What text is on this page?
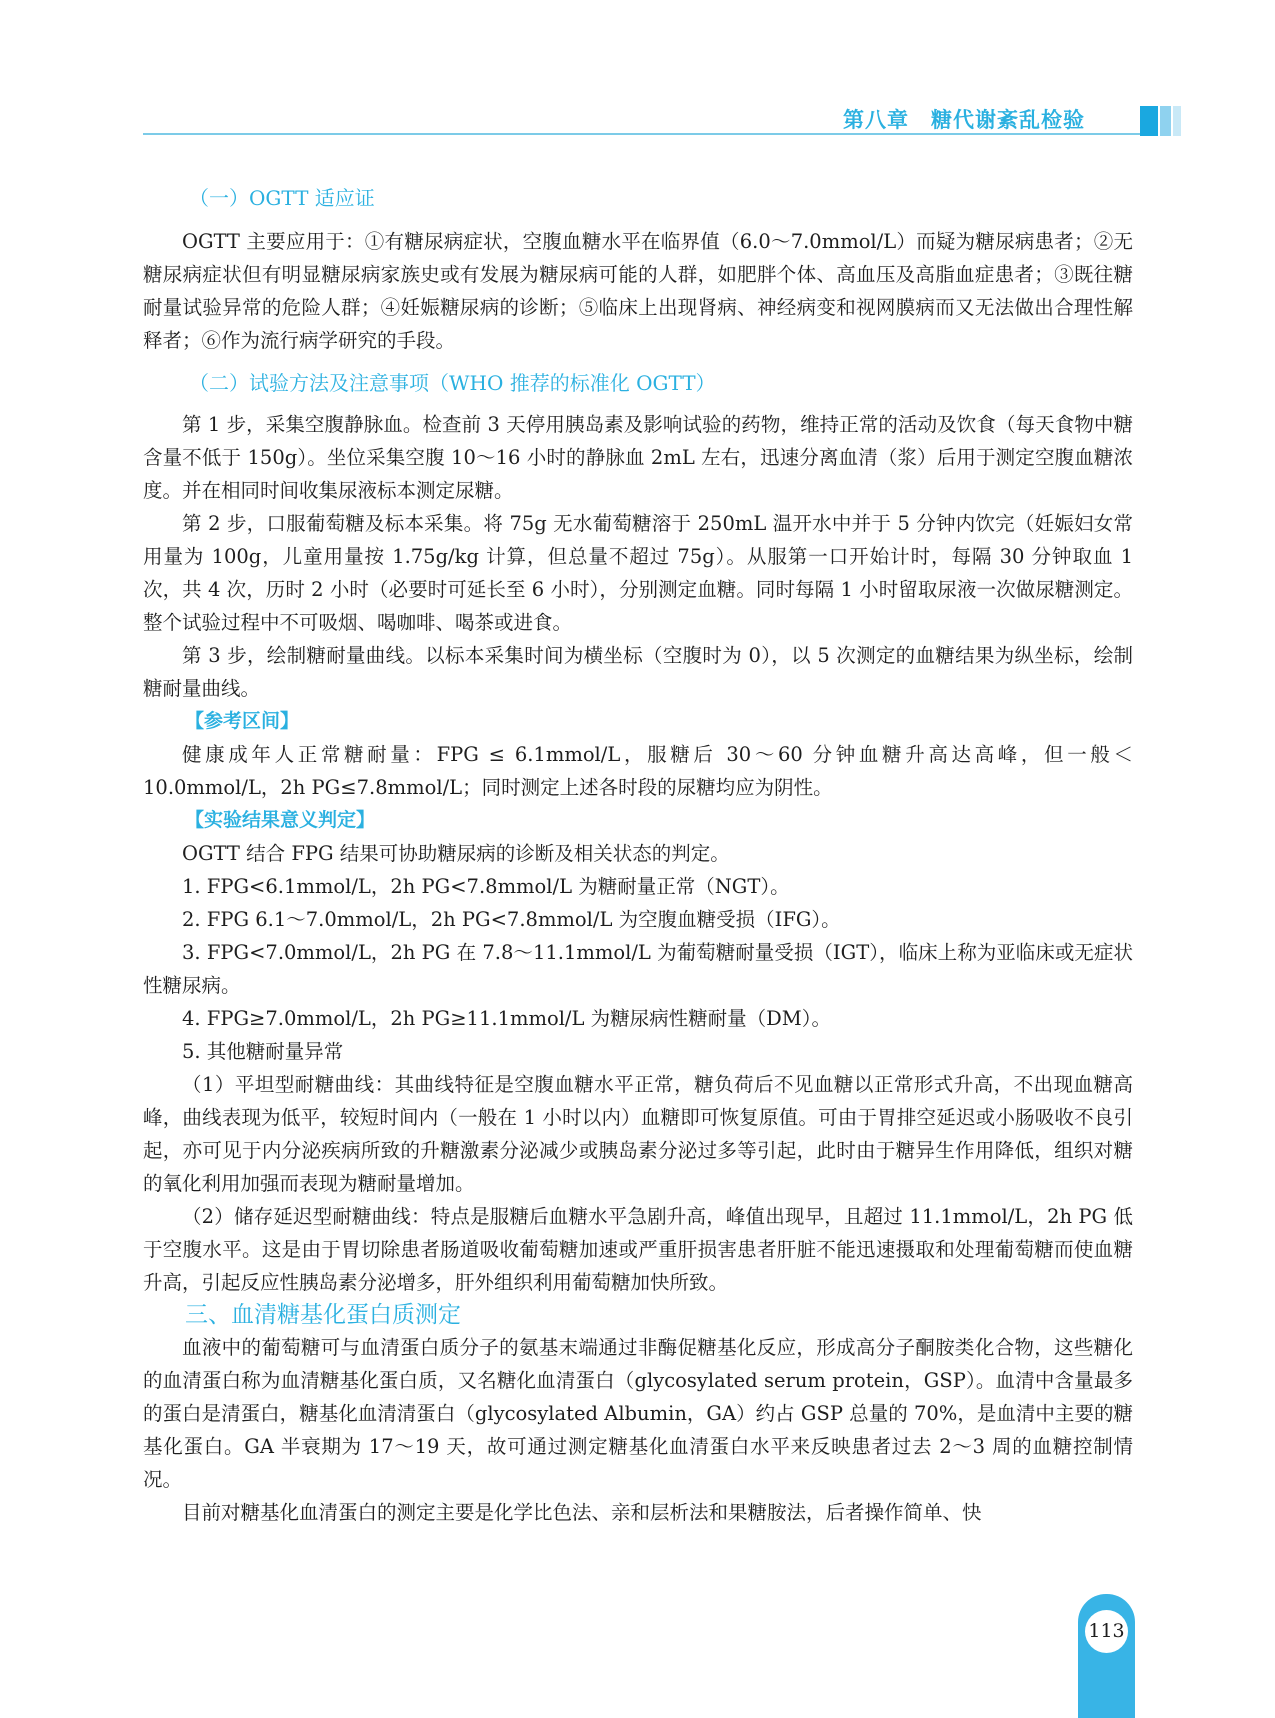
第八章　糖代谢紊乱检验

（一）OGTT 适应证

OGTT 主要应用于：①有糖尿病症状，空腹血糖水平在临界值（6.0～7.0mmol/L）而疑为糖尿病患者；②无糖尿病症状但有明显糖尿病家族史或有发展为糖尿病可能的人群，如肥胖个体、高血压及高脂血症患者；③既往糖耐量试验异常的危险人群；④妊娠糖尿病的诊断；⑤临床上出现肾病、神经病变和视网膜病而又无法做出合理性解释者；⑥作为流行病学研究的手段。

（二）试验方法及注意事项（WHO 推荐的标准化 OGTT）

第 1 步，采集空腹静脉血。检查前 3 天停用胰岛素及影响试验的药物，维持正常的活动及饮食（每天食物中糖含量不低于 150g）。坐位采集空腹 10～16 小时的静脉血 2mL 左右，迅速分离血清（浆）后用于测定空腹血糖浓度。并在相同时间收集尿液标本测定尿糖。

第 2 步，口服葡萄糖及标本采集。将 75g 无水葡萄糖溶于 250mL 温开水中并于 5 分钟内饮完（妊娠妇女常用量为 100g，儿童用量按 1.75g/kg 计算，但总量不超过 75g）。从服第一口开始计时，每隔 30 分钟取血 1 次，共 4 次，历时 2 小时（必要时可延长至 6 小时），分别测定血糖。同时每隔 1 小时留取尿液一次做尿糖测定。整个试验过程中不可吸烟、喝咖啡、喝茶或进食。

第 3 步，绘制糖耐量曲线。以标本采集时间为横坐标（空腹时为 0），以 5 次测定的血糖结果为纵坐标，绘制糖耐量曲线。

【参考区间】

健康成年人正常糖耐量：FPG ≤ 6.1mmol/L，服糖后 30～60 分钟血糖升高达高峰，但一般＜10.0mmol/L，2h PG≤7.8mmol/L；同时测定上述各时段的尿糖均应为阴性。

【实验结果意义判定】

OGTT 结合 FPG 结果可协助糖尿病的诊断及相关状态的判定。

1. FPG<6.1mmol/L，2h PG<7.8mmol/L 为糖耐量正常（NGT）。

2. FPG 6.1～7.0mmol/L，2h PG<7.8mmol/L 为空腹血糖受损（IFG）。

3. FPG<7.0mmol/L，2h PG 在 7.8～11.1mmol/L 为葡萄糖耐量受损（IGT），临床上称为亚临床或无症状性糖尿病。

4. FPG≥7.0mmol/L，2h PG≥11.1mmol/L 为糖尿病性糖耐量（DM）。

5. 其他糖耐量异常

（1）平坦型耐糖曲线：其曲线特征是空腹血糖水平正常，糖负荷后不见血糖以正常形式升高，不出现血糖高峰，曲线表现为低平，较短时间内（一般在 1 小时以内）血糖即可恢复原值。可由于胃排空延迟或小肠吸收不良引起，亦可见于内分泌疾病所致的升糖激素分泌减少或胰岛素分泌过多等引起，此时由于糖异生作用降低，组织对糖的氧化利用加强而表现为糖耐量增加。

（2）储存延迟型耐糖曲线：特点是服糖后血糖水平急剧升高，峰值出现早，且超过 11.1mmol/L，2h PG 低于空腹水平。这是由于胃切除患者肠道吸收葡萄糖加速或严重肝损害患者肝脏不能迅速摄取和处理葡萄糖而使血糖升高，引起反应性胰岛素分泌增多，肝外组织利用葡萄糖加快所致。

三、血清糖基化蛋白质测定

血液中的葡萄糖可与血清蛋白质分子的氨基末端通过非酶促糖基化反应，形成高分子酮胺类化合物，这些糖化的血清蛋白称为血清糖基化蛋白质，又名糖化血清蛋白（glycosylated serum protein，GSP）。血清中含量最多的蛋白是清蛋白，糖基化血清清蛋白（glycosylated Albumin，GA）约占 GSP 总量的 70%，是血清中主要的糖基化蛋白。GA 半衰期为 17～19 天，故可通过测定糖基化血清蛋白水平来反映患者过去 2～3 周的血糖控制情况。

目前对糖基化血清蛋白的测定主要是化学比色法、亲和层析法和果糖胺法，后者操作简单、快

113
